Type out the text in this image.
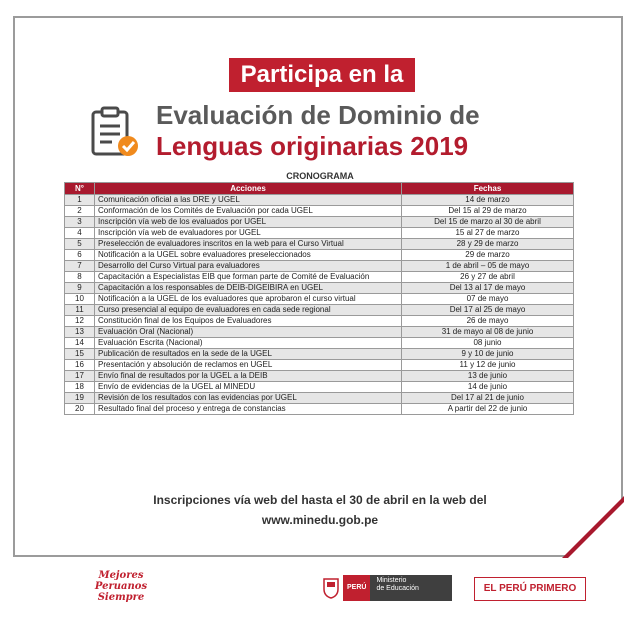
Participa en la
Evaluación de Dominio de
Lenguas originarias 2019
CRONOGRAMA
N°	Acciones	Fechas
1	Comunicación oficial a las DRE y UGEL	14 de marzo
2	Conformación de los Comités de Evaluación por cada UGEL	Del 15 al 29 de marzo
3	Inscripción vía web de los evaluados por UGEL	Del 15 de marzo al 30 de abril
4	Inscripción vía web de evaluadores por UGEL	15 al 27 de marzo
5	Preselección de evaluadores inscritos en la web para el Curso Virtual	28 y 29 de marzo
6	Notificación a la UGEL sobre evaluadores preseleccionados	29 de marzo
7	Desarrollo del Curso Virtual para evaluadores	1 de abril – 05 de mayo
8	Capacitación a Especialistas EIB que forman parte de Comité de Evaluación	26 y 27 de abril
9	Capacitación a los responsables de DEIB-DIGEIBIRA en UGEL	Del 13 al 17 de mayo
10	Notificación a la UGEL de los evaluadores que aprobaron el curso virtual	07 de mayo
11	Curso presencial al equipo de evaluadores en cada sede regional	Del 17 al 25 de mayo
12	Constitución final de los Equipos de Evaluadores	26 de mayo
13	Evaluación Oral (Nacional)	31 de mayo al 08 de junio
14	Evaluación Escrita (Nacional)	08 junio
15	Publicación de resultados en la sede de la UGEL	9 y 10 de junio
16	Presentación y absolución de reclamos en UGEL	11 y 12 de junio
17	Envío final de resultados por la UGEL a la DEIB	13 de junio
18	Envío de evidencias de la UGEL al MINEDU	14 de junio
19	Revisión de los resultados con las evidencias por UGEL	Del 17 al 21 de junio
20	Resultado final del proceso y entrega de constancias	A partir del 22 de junio
Inscripciones vía web del hasta el 30 de abril en la web del
www.minedu.gob.pe
Mejores
Peruanos
Siempre
PERÚ
Ministerio
de Educación	EL PERÚ PRIMERO
